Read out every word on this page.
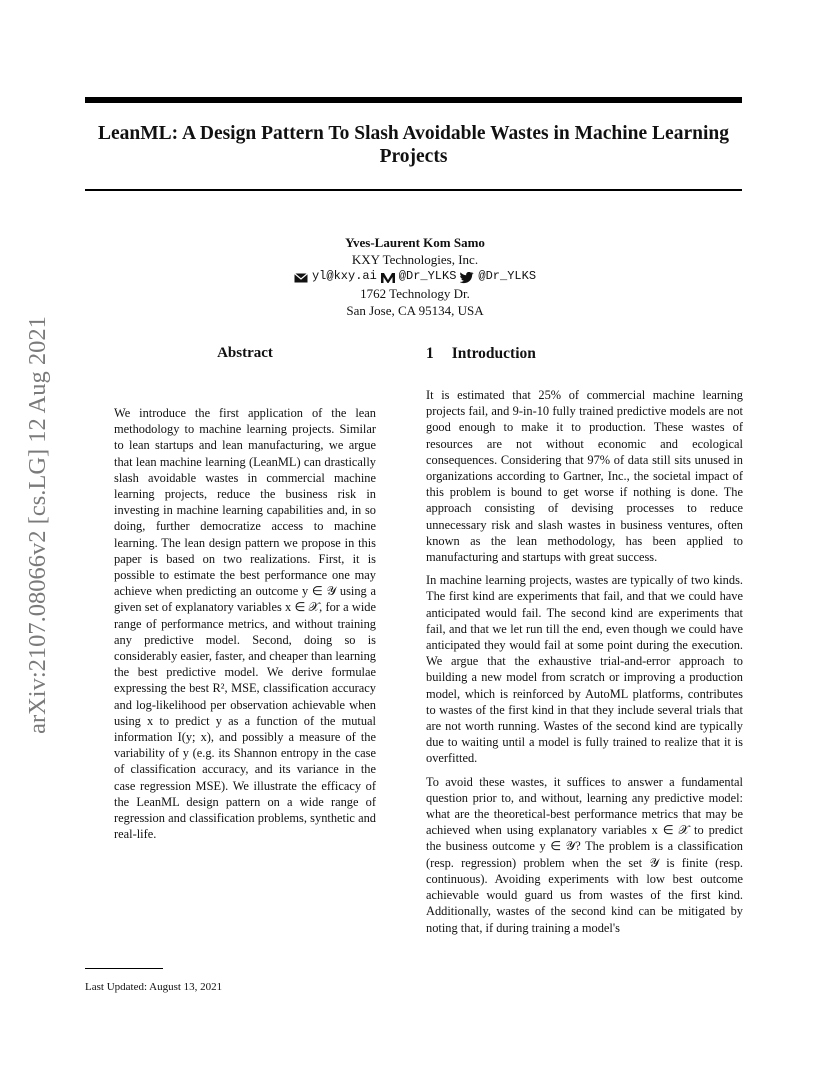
LeanML: A Design Pattern To Slash Avoidable Wastes in Machine Learning Projects
Yves-Laurent Kom Samo
KXY Technologies, Inc.
yl@kxy.ai @Dr_YLKS @Dr_YLKS
1762 Technology Dr.
San Jose, CA 95134, USA
arXiv:2107.08066v2 [cs.LG] 12 Aug 2021	Abstract
We introduce the first application of the lean methodology to machine learning projects. Similar to lean startups and lean manufacturing, we argue that lean machine learning (LeanML) can drastically slash avoidable wastes in commercial machine learning projects, reduce the business risk in investing in machine learning capabilities and, in so doing, further democratize access to machine learning. The lean design pattern we propose in this paper is based on two realizations. First, it is possible to estimate the best performance one may achieve when predicting an outcome y ∈ 𝒴 using a given set of explanatory variables x ∈ 𝒳, for a wide range of performance metrics, and without training any predictive model. Second, doing so is considerably easier, faster, and cheaper than learning the best predictive model. We derive formulae expressing the best R², MSE, classification accuracy and log-likelihood per observation achievable when using x to predict y as a function of the mutual information I(y; x), and possibly a measure of the variability of y (e.g. its Shannon entropy in the case of classification accuracy, and its variance in the case regression MSE). We illustrate the efficacy of the LeanML design pattern on a wide range of regression and classification problems, synthetic and real-life.
Last Updated: August 13, 2021
1 Introduction

It is estimated that 25% of commercial machine learning projects fail, and 9-in-10 fully trained predictive models are not good enough to make it to production. These wastes of resources are not without economic and ecological consequences. Considering that 97% of data still sits unused in organizations according to Gartner, Inc., the societal impact of this problem is bound to get worse if nothing is done. The approach consisting of devising processes to reduce unnecessary risk and slash wastes in business ventures, often known as the lean methodology, has been applied to manufacturing and startups with great success.

In machine learning projects, wastes are typically of two kinds. The first kind are experiments that fail, and that we could have anticipated would fail. The second kind are experiments that fail, and that we let run till the end, even though we could have anticipated they would fail at some point during the execution. We argue that the exhaustive trial-and-error approach to building a new model from scratch or improving a production model, which is reinforced by AutoML platforms, contributes to wastes of the first kind in that they include several trials that are not worth running. Wastes of the second kind are typically due to waiting until a model is fully trained to realize that it is overfitted.

To avoid these wastes, it suffices to answer a fundamental question prior to, and without, learning any predictive model: what are the theoretical-best performance metrics that may be achieved when using explanatory variables x ∈ 𝒳 to predict the business outcome y ∈ 𝒴? The problem is a classification (resp. regression) problem when the set 𝒴 is finite (resp. continuous). Avoiding experiments with low best outcome achievable would guard us from wastes of the first kind. Additionally, wastes of the second kind can be mitigated by noting that, if during training a model's
